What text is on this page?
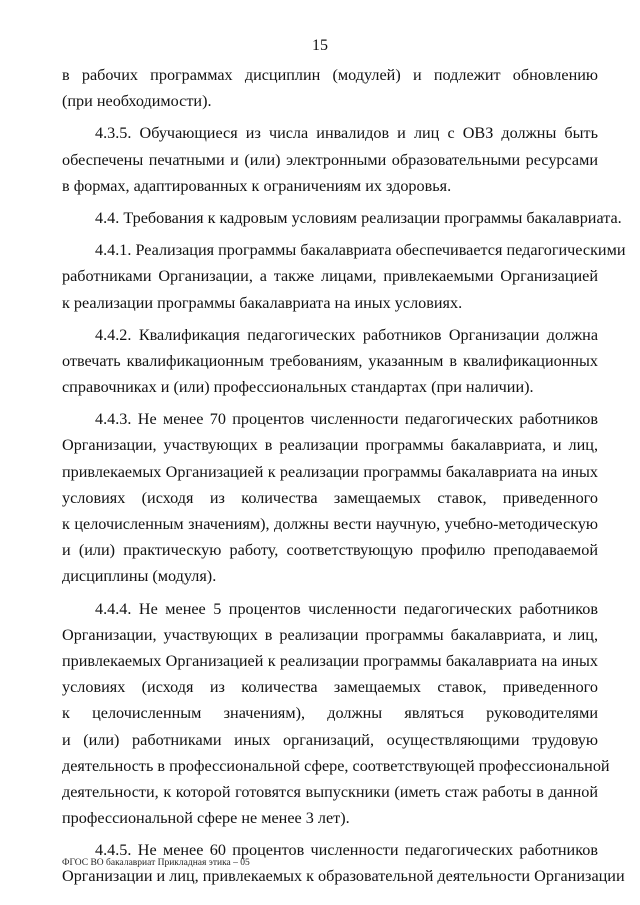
15
в рабочих программах дисциплин (модулей) и подлежит обновлению
(при необходимости).
4.3.5. Обучающиеся из числа инвалидов и лиц с ОВЗ должны быть
обеспечены печатными и (или) электронными образовательными ресурсами
в формах, адаптированных к ограничениям их здоровья.
4.4. Требования к кадровым условиям реализации программы бакалавриата.
4.4.1. Реализация программы бакалавриата обеспечивается педагогическими
работниками Организации, а также лицами, привлекаемыми Организацией
к реализации программы бакалавриата на иных условиях.
4.4.2. Квалификация педагогических работников Организации должна
отвечать квалификационным требованиям, указанным в квалификационных
справочниках и (или) профессиональных стандартах (при наличии).
4.4.3. Не менее 70 процентов численности педагогических работников
Организации, участвующих в реализации программы бакалавриата, и лиц,
привлекаемых Организацией к реализации программы бакалавриата на иных
условиях (исходя из количества замещаемых ставок, приведенного
к целочисленным значениям), должны вести научную, учебно-методическую
и (или) практическую работу, соответствующую профилю преподаваемой
дисциплины (модуля).
4.4.4. Не менее 5 процентов численности педагогических работников
Организации, участвующих в реализации программы бакалавриата, и лиц,
привлекаемых Организацией к реализации программы бакалавриата на иных
условиях (исходя из количества замещаемых ставок, приведенного
к целочисленным значениям), должны являться руководителями
и (или) работниками иных организаций, осуществляющими трудовую
деятельность в профессиональной сфере, соответствующей профессиональной
деятельности, к которой готовятся выпускники (иметь стаж работы в данной
профессиональной сфере не менее 3 лет).
4.4.5. Не менее 60 процентов численности педагогических работников
Организации и лиц, привлекаемых к образовательной деятельности Организации
ФГОС ВО бакалавриат Прикладная этика – 05
